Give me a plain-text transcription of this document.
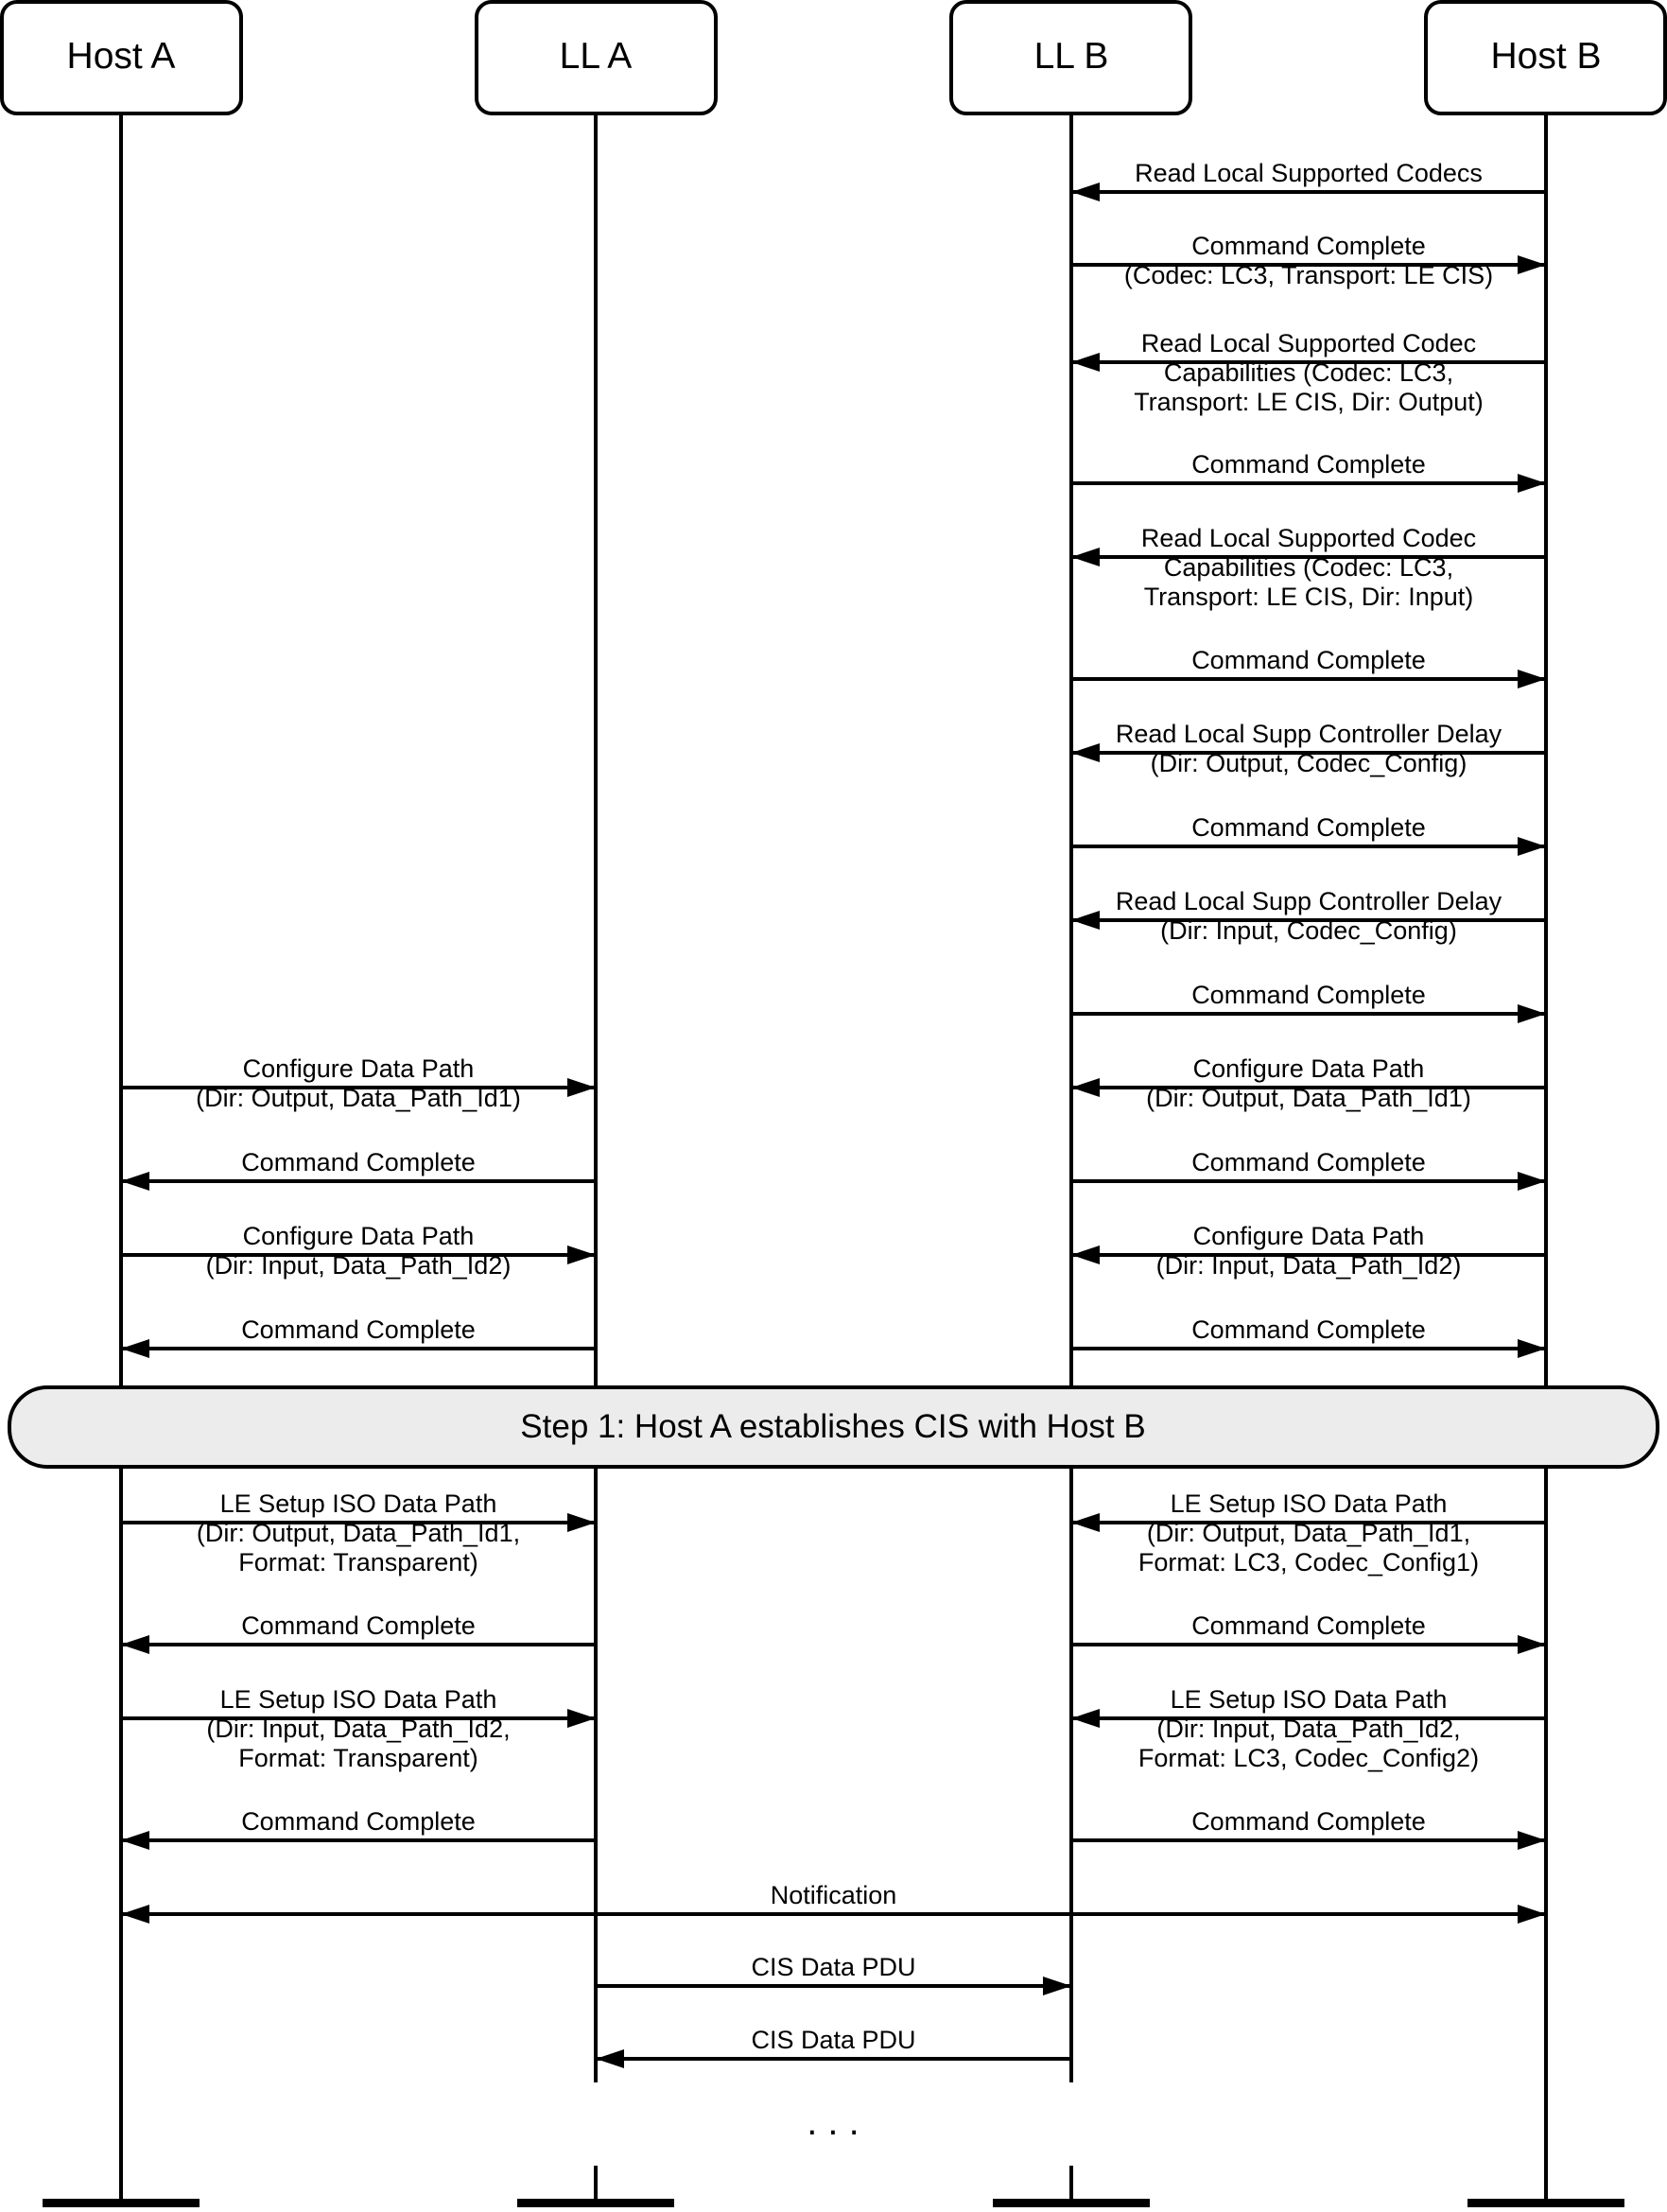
Host A	LL A	LL B	Host B
Read Local Supported Codecs
Command Complete
(Codec: LC3, Transport: LE CIS)
Read Local Supported Codec
Capabilities (Codec: LC3,
Transport: LE CIS, Dir: Output)
Command Complete
Read Local Supported Codec
Capabilities (Codec: LC3,
Transport: LE CIS, Dir: Input)
Command Complete
Read Local Supp Controller Delay
(Dir: Output, Codec_Config)
Command Complete
Read Local Supp Controller Delay
(Dir: Input, Codec_Config)
Command Complete
Configure Data Path
(Dir: Output, Data_Path_Id1)
Configure Data Path
(Dir: Output, Data_Path_Id1)
Command Complete	Command Complete
Configure Data Path
(Dir: Input, Data_Path_Id2)
Configure Data Path
(Dir: Input, Data_Path_Id2)
Command Complete	Command Complete
LE Setup ISO Data Path
(Dir: Output, Data_Path_Id1,
Format: Transparent)
LE Setup ISO Data Path
(Dir: Output, Data_Path_Id1,
Format: LC3, Codec_Config1)
Command Complete	Command Complete
LE Setup ISO Data Path
(Dir: Input, Data_Path_Id2,
Format: Transparent)
LE Setup ISO Data Path
(Dir: Input, Data_Path_Id2,
Format: LC3, Codec_Config2)
Command Complete	Command Complete
Notification
CIS Data PDU
CIS Data PDU
Step 1: Host A establishes CIS with Host B
. . .
